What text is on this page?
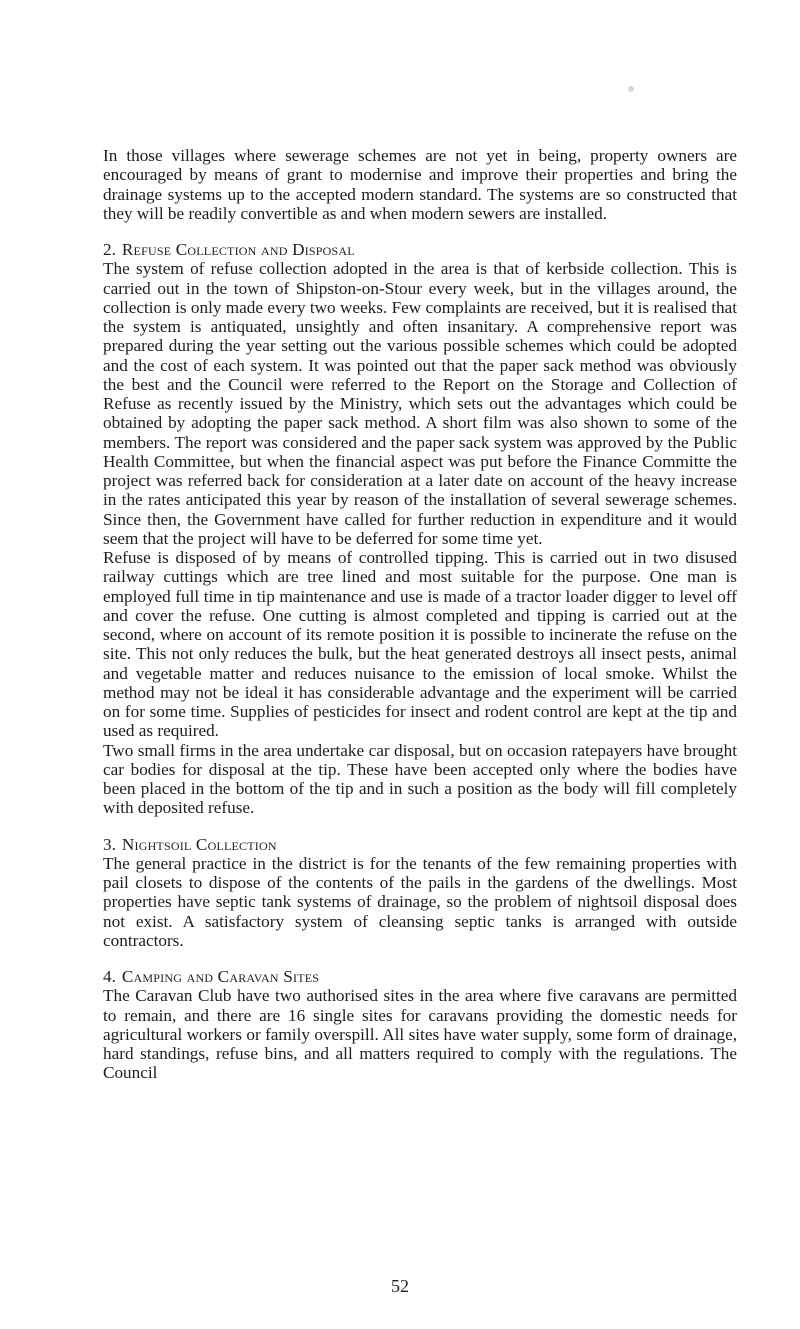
In those villages where sewerage schemes are not yet in being, property owners are encouraged by means of grant to modernise and improve their properties and bring the drainage systems up to the accepted modern standard. The systems are so constructed that they will be readily convertible as and when modern sewers are installed.

2. Refuse Collection and Disposal

The system of refuse collection adopted in the area is that of kerbside collection. This is carried out in the town of Shipston-on-Stour every week, but in the villages around, the collection is only made every two weeks. Few complaints are received, but it is realised that the system is antiquated, unsightly and often insanitary. A comprehensive report was prepared during the year setting out the various possible schemes which could be adopted and the cost of each system. It was pointed out that the paper sack method was obviously the best and the Council were referred to the Report on the Storage and Collection of Refuse as recently issued by the Ministry, which sets out the advantages which could be obtained by adopting the paper sack method. A short film was also shown to some of the members. The report was considered and the paper sack system was approved by the Public Health Committee, but when the financial aspect was put before the Finance Committe the project was referred back for consideration at a later date on account of the heavy increase in the rates anticipated this year by reason of the installation of several sewerage schemes. Since then, the Government have called for further reduction in expenditure and it would seem that the project will have to be deferred for some time yet.

Refuse is disposed of by means of controlled tipping. This is carried out in two disused railway cuttings which are tree lined and most suitable for the purpose. One man is employed full time in tip maintenance and use is made of a tractor loader digger to level off and cover the refuse. One cutting is almost completed and tipping is carried out at the second, where on account of its remote position it is possible to incinerate the refuse on the site. This not only reduces the bulk, but the heat generated destroys all insect pests, animal and vegetable matter and reduces nuisance to the emission of local smoke. Whilst the method may not be ideal it has considerable advantage and the experiment will be carried on for some time. Supplies of pesticides for insect and rodent control are kept at the tip and used as required.

Two small firms in the area undertake car disposal, but on occasion ratepayers have brought car bodies for disposal at the tip. These have been accepted only where the bodies have been placed in the bottom of the tip and in such a position as the body will fill completely with deposited refuse.

3. Nightsoil Collection

The general practice in the district is for the tenants of the few remaining properties with pail closets to dispose of the contents of the pails in the gardens of the dwellings. Most properties have septic tank systems of drainage, so the problem of nightsoil disposal does not exist. A satisfactory system of cleansing septic tanks is arranged with outside contractors.

4. Camping and Caravan Sites

The Caravan Club have two authorised sites in the area where five caravans are permitted to remain, and there are 16 single sites for caravans providing the domestic needs for agricultural workers or family overspill. All sites have water supply, some form of drainage, hard standings, refuse bins, and all matters required to comply with the regulations. The Council

52
